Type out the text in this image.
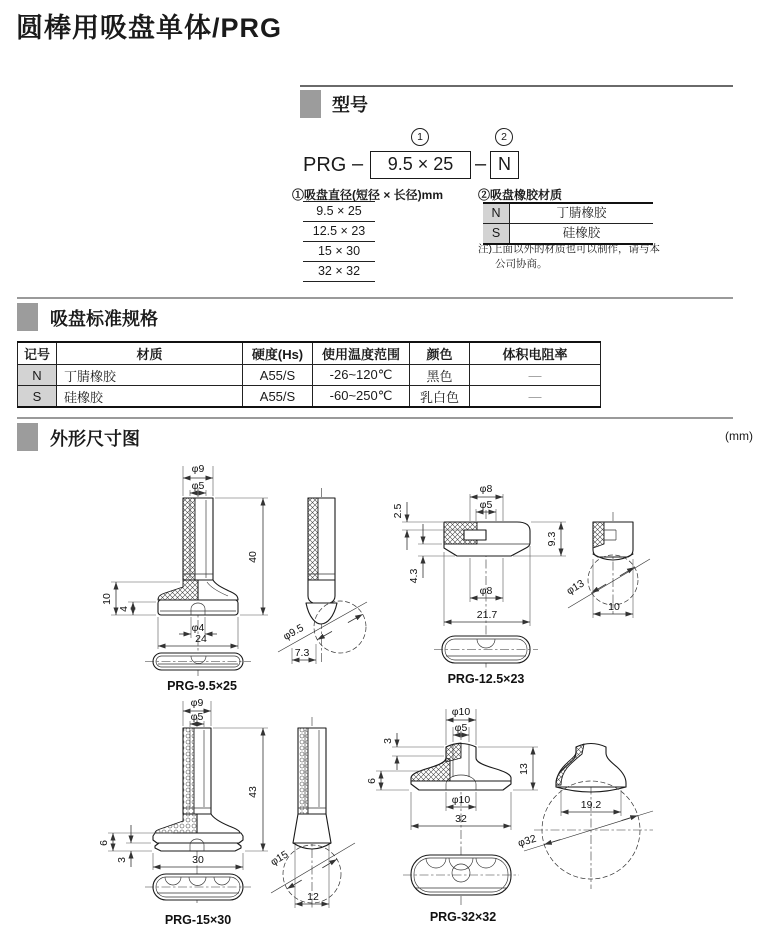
圆棒用吸盘单体/PRG
型号
1	2
PRG –	9.5 × 25	– N
①吸盘直径(短径 × 长径)mm
9.5 × 25
12.5 × 23
15 × 30
32 × 32
②吸盘橡胶材质
N	丁腈橡胶
S	硅橡胶
注)上面以外的材质也可以制作，请与本
公司协商。
吸盘标准规格
记号	材质	硬度(Hs)	使用温度范围	颜色	体积电阻率
N	丁腈橡胶	A55/S	-26~120℃	黑色	—
S	硅橡胶	A55/S	-60~250℃	乳白色	—
外形尺寸图	(mm)
φ9
φ5
40
10
4
φ4
24	φ9.5
7.3
PRG-9.5×25
φ8
φ5
2.5
9.3
4.3
φ8
21.7
φ13
10
PRG-12.5×23
φ9
φ5
43
6
3	30	φ15
12
PRG-15×30
φ10
φ5
3
6
13
φ10
32
19.2
φ32
PRG-32×32
